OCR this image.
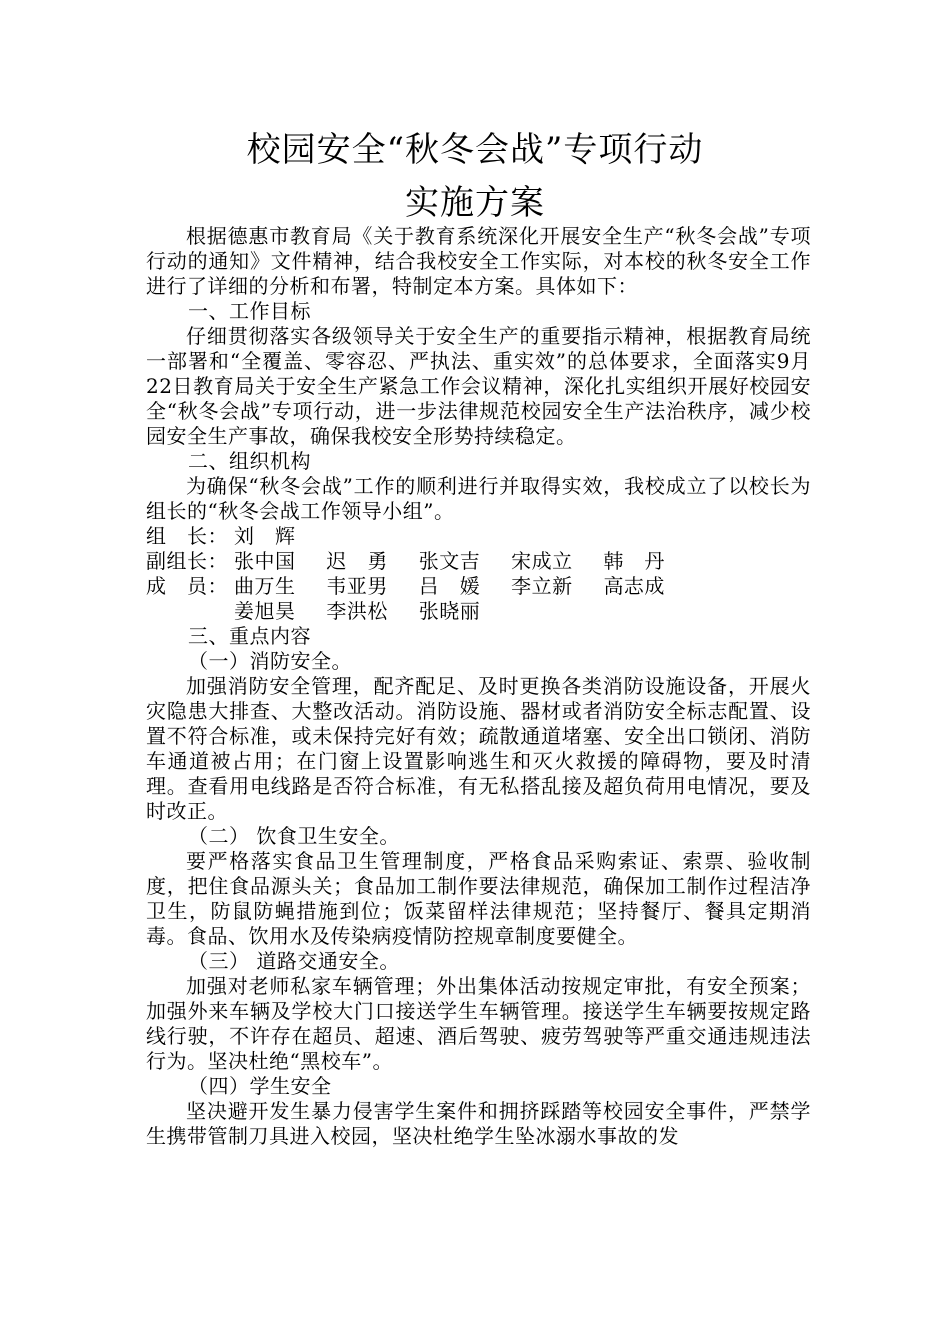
校园安全“秋冬会战”专项行动
实施方案

根据德惠市教育局《关于教育系统深化开展安全生产“秋冬会战”专项行动的通知》文件精神，结合我校安全工作实际，对本校的秋冬安全工作进行了详细的分析和布署，特制定本方案。具体如下：

一、工作目标

仔细贯彻落实各级领导关于安全生产的重要指示精神，根据教育局统一部署和“全覆盖、零容忍、严执法、重实效”的总体要求，全面落实9月22日教育局关于安全生产紧急工作会议精神，深化扎实组织开展好校园安全“秋冬会战”专项行动，进一步法律规范校园安全生产法治秩序，减少校园安全生产事故，确保我校安全形势持续稳定。

二、组织机构

为确保“秋冬会战”工作的顺利进行并取得实效，我校成立了以校长为组长的“秋冬会战工作领导小组”。

组　长： 刘　辉
副组长： 张中国 迟　勇 张文吉 宋成立 韩　丹
成　员： 曲万生 韦亚男 吕　媛 李立新 高志成
姜旭昊 李洪松 张晓丽

三、重点内容

（一）消防安全。

加强消防安全管理，配齐配足、及时更换各类消防设施设备，开展火灾隐患大排查、大整改活动。消防设施、器材或者消防安全标志配置、设置不符合标准，或未保持完好有效；疏散通道堵塞、安全出口锁闭、消防车通道被占用；在门窗上设置影响逃生和灭火救援的障碍物，要及时清理。查看用电线路是否符合标准，有无私搭乱接及超负荷用电情况，要及时改正。

（二） 饮食卫生安全。

要严格落实食品卫生管理制度，严格食品采购索证、索票、验收制度，把住食品源头关；食品加工制作要法律规范，确保加工制作过程洁净卫生，防鼠防蝇措施到位；饭菜留样法律规范；坚持餐厅、餐具定期消毒。食品、饮用水及传染病疫情防控规章制度要健全。

（三） 道路交通安全。

加强对老师私家车辆管理；外出集体活动按规定审批，有安全预案；加强外来车辆及学校大门口接送学生车辆管理。接送学生车辆要按规定路线行驶，不许存在超员、超速、酒后驾驶、疲劳驾驶等严重交通违规违法行为。坚决杜绝“黑校车”。

（四）学生安全

坚决避开发生暴力侵害学生案件和拥挤踩踏等校园安全事件，严禁学生携带管制刀具进入校园，坚决杜绝学生坠冰溺水事故的发
